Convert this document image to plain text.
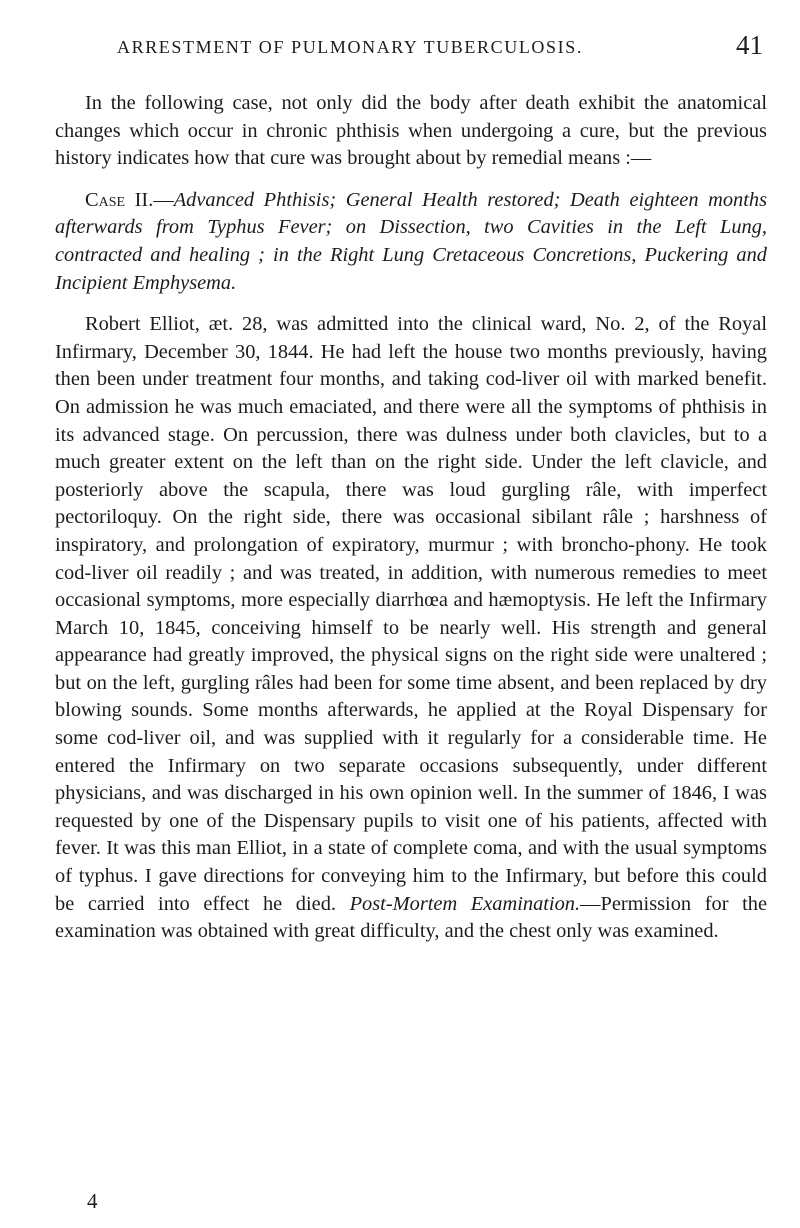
ARRESTMENT OF PULMONARY TUBERCULOSIS.	41

In the following case, not only did the body after death exhibit the anatomical changes which occur in chronic phthisis when undergoing a cure, but the previous history indicates how that cure was brought about by remedial means :—

Case II.—Advanced Phthisis; General Health restored; Death eighteen months afterwards from Typhus Fever; on Dissection, two Cavities in the Left Lung, contracted and healing ; in the Right Lung Cretaceous Concretions, Puckering and Incipient Emphysema.

Robert Elliot, æt. 28, was admitted into the clinical ward, No. 2, of the Royal Infirmary, December 30, 1844. He had left the house two months previously, having then been under treatment four months, and taking cod-liver oil with marked benefit. On admission he was much emaciated, and there were all the symptoms of phthisis in its advanced stage. On percussion, there was dulness under both clavicles, but to a much greater extent on the left than on the right side. Under the left clavicle, and posteriorly above the scapula, there was loud gurgling râle, with imperfect pectoriloquy. On the right side, there was occasional sibilant râle ; harshness of inspiratory, and prolongation of expiratory, murmur ; with broncho-phony. He took cod-liver oil readily ; and was treated, in addition, with numerous remedies to meet occasional symptoms, more especially diarrhœa and hæmoptysis. He left the Infirmary March 10, 1845, conceiving himself to be nearly well. His strength and general appearance had greatly improved, the physical signs on the right side were unaltered ; but on the left, gurgling râles had been for some time absent, and been replaced by dry blowing sounds. Some months afterwards, he applied at the Royal Dispensary for some cod-liver oil, and was supplied with it regularly for a considerable time. He entered the Infirmary on two separate occasions subsequently, under different physicians, and was discharged in his own opinion well. In the summer of 1846, I was requested by one of the Dispensary pupils to visit one of his patients, affected with fever. It was this man Elliot, in a state of complete coma, and with the usual symptoms of typhus. I gave directions for conveying him to the Infirmary, but before this could be carried into effect he died. Post-Mortem Examination.—Permission for the examination was obtained with great difficulty, and the chest only was examined.

4
